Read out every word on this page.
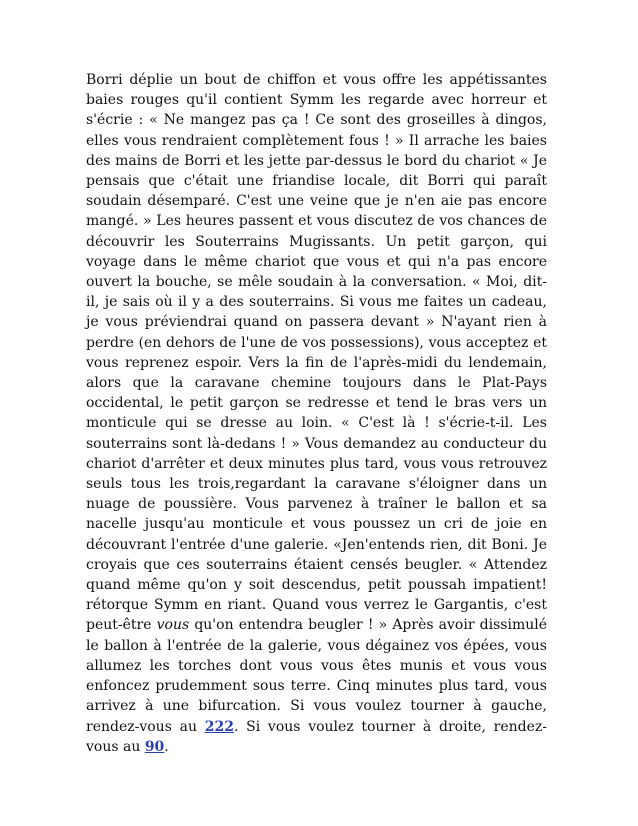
Borri déplie un bout de chiffon et vous offre les appétissantes baies rouges qu'il contient Symm les regarde avec horreur et s'écrie : « Ne mangez pas ça ! Ce sont des groseilles à dingos, elles vous rendraient complètement fous ! » Il arrache les baies des mains de Borri et les jette par-dessus le bord du chariot « Je pensais que c'était une friandise locale, dit Borri qui paraît soudain désemparé. C'est une veine que je n'en aie pas encore mangé. » Les heures passent et vous discutez de vos chances de découvrir les Souterrains Mugissants. Un petit garçon, qui voyage dans le même chariot que vous et qui n'a pas encore ouvert la bouche, se mêle soudain à la conversation. « Moi, dit-il, je sais où il y a des souterrains. Si vous me faites un cadeau, je vous préviendrai quand on passera devant » N'ayant rien à perdre (en dehors de l'une de vos possessions), vous acceptez et vous reprenez espoir. Vers la fin de l'après-midi du lendemain, alors que la caravane chemine toujours dans le Plat-Pays occidental, le petit garçon se redresse et tend le bras vers un monticule qui se dresse au loin. « C'est là ! s'écrie-t-il. Les souterrains sont là-dedans ! » Vous demandez au conducteur du chariot d'arrêter et deux minutes plus tard, vous vous retrouvez seuls tous les trois,regardant la caravane s'éloigner dans un nuage de poussière. Vous parvenez à traîner le ballon et sa nacelle jusqu'au monticule et vous poussez un cri de joie en découvrant l'entrée d'une galerie. «Jen'entends rien, dit Boni. Je croyais que ces souterrains étaient censés beugler. « Attendez quand même qu'on y soit descendus, petit poussah impatient! rétorque Symm en riant. Quand vous verrez le Gargantis, c'est peut-être vous qu'on entendra beugler ! » Après avoir dissimulé le ballon à l'entrée de la galerie, vous dégainez vos épées, vous allumez les torches dont vous vous êtes munis et vous vous enfoncez prudemment sous terre. Cinq minutes plus tard, vous arrivez à une bifurcation. Si vous voulez tourner à gauche, rendez-vous au 222. Si vous voulez tourner à droite, rendez-vous au 90.
